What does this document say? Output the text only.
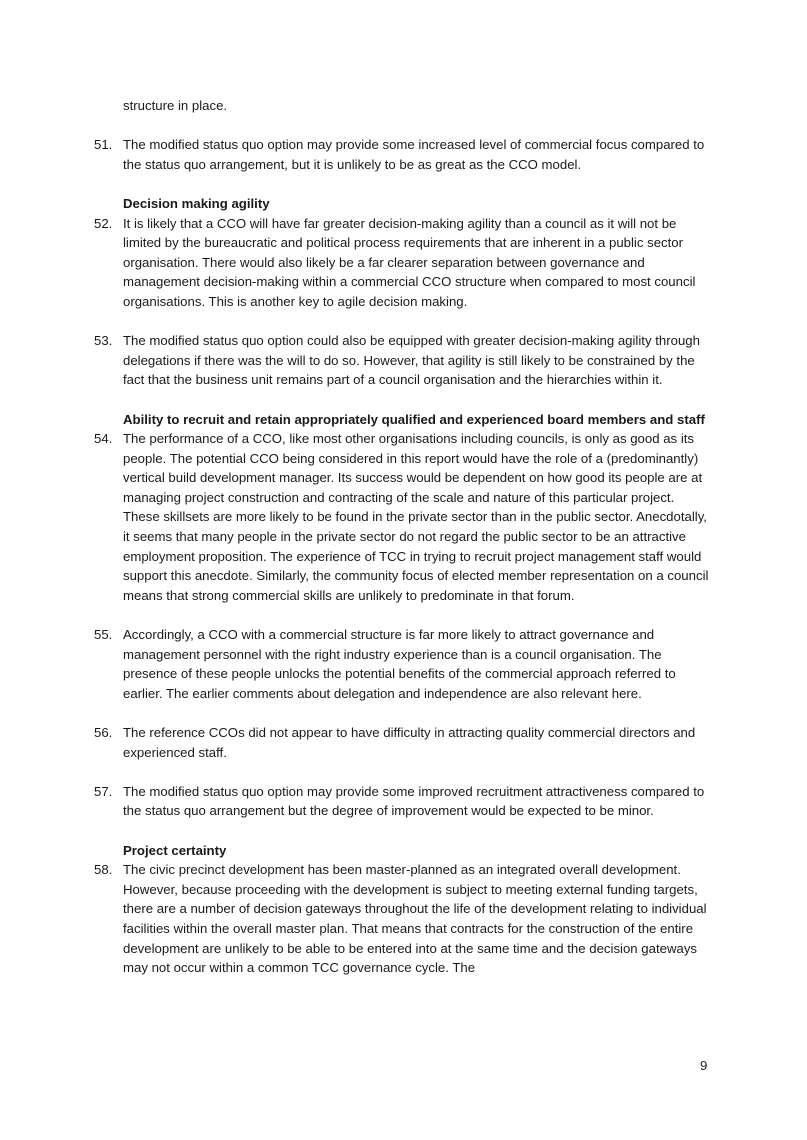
structure in place.

51. The modified status quo option may provide some increased level of commercial focus compared to the status quo arrangement, but it is unlikely to be as great as the CCO model.

Decision making agility

52. It is likely that a CCO will have far greater decision-making agility than a council as it will not be limited by the bureaucratic and political process requirements that are inherent in a public sector organisation. There would also likely be a far clearer separation between governance and management decision-making within a commercial CCO structure when compared to most council organisations. This is another key to agile decision making.
53. The modified status quo option could also be equipped with greater decision-making agility through delegations if there was the will to do so. However, that agility is still likely to be constrained by the fact that the business unit remains part of a council organisation and the hierarchies within it.

Ability to recruit and retain appropriately qualified and experienced board members and staff

54. The performance of a CCO, like most other organisations including councils, is only as good as its people. The potential CCO being considered in this report would have the role of a (predominantly) vertical build development manager. Its success would be dependent on how good its people are at managing project construction and contracting of the scale and nature of this particular project. These skillsets are more likely to be found in the private sector than in the public sector. Anecdotally, it seems that many people in the private sector do not regard the public sector to be an attractive employment proposition. The experience of TCC in trying to recruit project management staff would support this anecdote. Similarly, the community focus of elected member representation on a council means that strong commercial skills are unlikely to predominate in that forum.
55. Accordingly, a CCO with a commercial structure is far more likely to attract governance and management personnel with the right industry experience than is a council organisation. The presence of these people unlocks the potential benefits of the commercial approach referred to earlier. The earlier comments about delegation and independence are also relevant here.
56. The reference CCOs did not appear to have difficulty in attracting quality commercial directors and experienced staff.
57. The modified status quo option may provide some improved recruitment attractiveness compared to the status quo arrangement but the degree of improvement would be expected to be minor.

Project certainty

58. The civic precinct development has been master-planned as an integrated overall development. However, because proceeding with the development is subject to meeting external funding targets, there are a number of decision gateways throughout the life of the development relating to individual facilities within the overall master plan. That means that contracts for the construction of the entire development are unlikely to be able to be entered into at the same time and the decision gateways may not occur within a common TCC governance cycle. The
9
